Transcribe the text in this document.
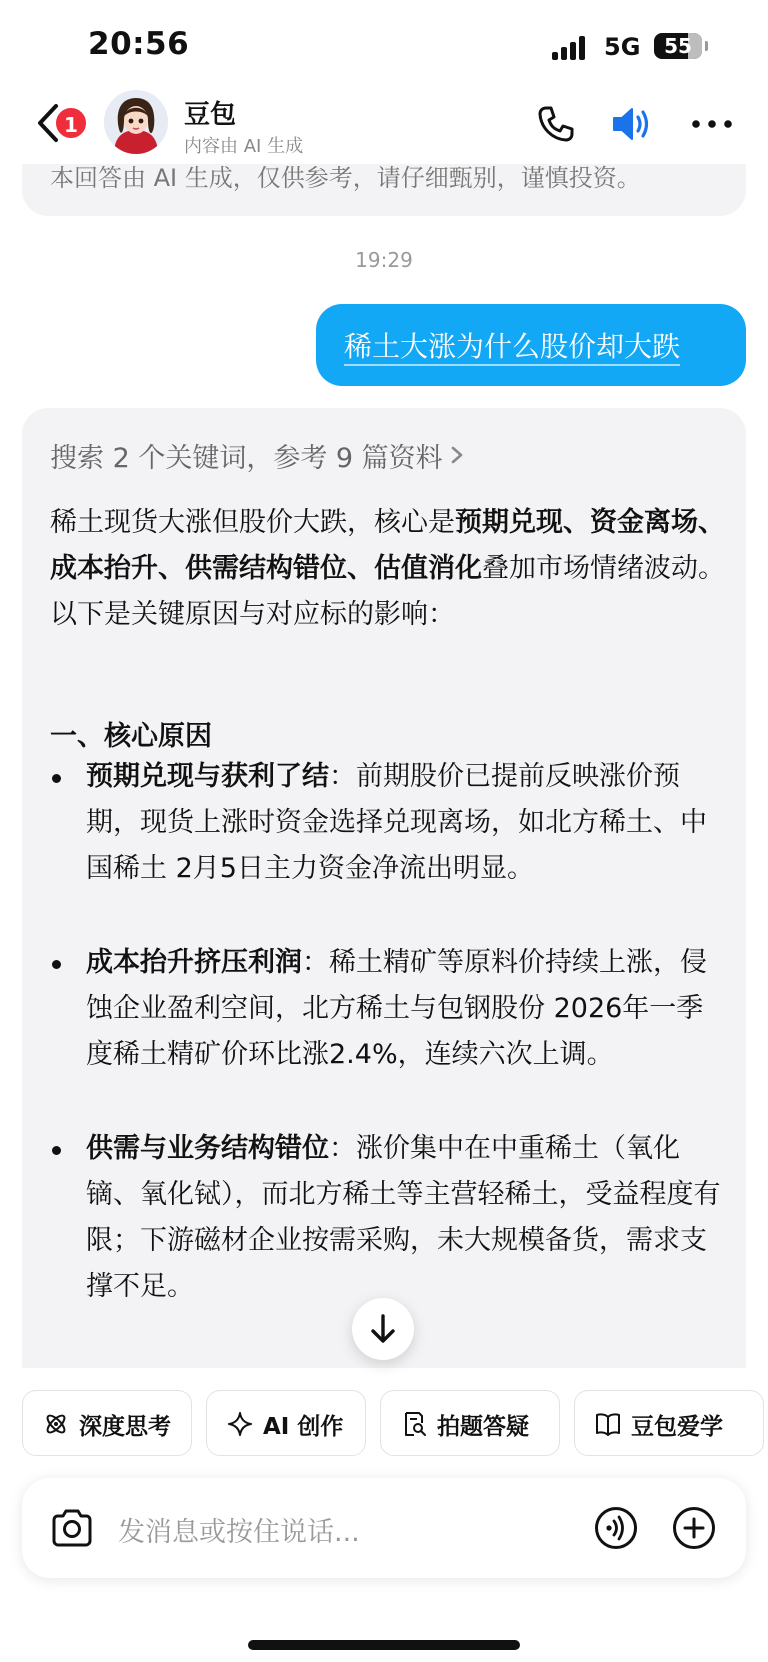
20:56	5G	55
本回答由 AI 生成，仅供参考，请仔细甄别，谨慎投资。
1	豆包
内容由 AI 生成
19:29
稀土大涨为什么股价却大跌
搜索 2 个关键词，参考 9 篇资料
稀土现货大涨但股价大跌，核心是预期兑现、资金离场、成本抬升、供需结构错位、估值消化叠加市场情绪波动。以下是关键原因与对应标的影响：
一、核心原因
预期兑现与获利了结：前期股价已提前反映涨价预期，现货上涨时资金选择兑现离场，如北方稀土、中国稀土 2月5日主力资金净流出明显。
成本抬升挤压利润：稀土精矿等原料价持续上涨，侵蚀企业盈利空间，北方稀土与包钢股份 2026年一季度稀土精矿价环比涨2.4%，连续六次上调。
供需与业务结构错位：涨价集中在中重稀土（氧化镝、氧化铽），而北方稀土等主营轻稀土，受益程度有限；下游磁材企业按需采购，未大规模备货，需求支撑不足。
深度思考	AI 创作	拍题答疑	豆包爱学
发消息或按住说话...
